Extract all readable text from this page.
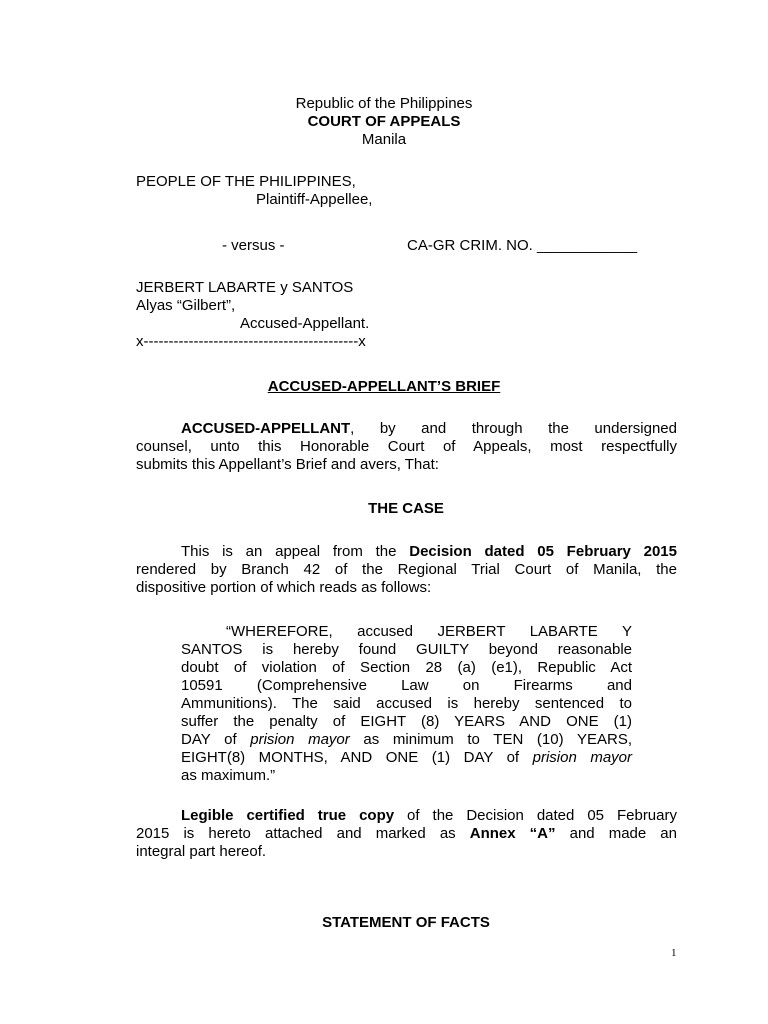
Republic of the Philippines
COURT OF APPEALS
Manila
PEOPLE OF THE PHILIPPINES,
Plaintiff-Appellee,
- versus -	CA-GR CRIM. NO. ____________
JERBERT LABARTE y SANTOS
Alyas “Gilbert”,
Accused-Appellant.
x-------------------------------------------x
ACCUSED-APPELLANT’S BRIEF
ACCUSED-APPELLANT, by and through the undersigned
counsel, unto this Honorable Court of Appeals, most respectfully
submits this Appellant’s Brief and avers, That:
THE CASE
This is an appeal from the Decision dated 05 February 2015
rendered by Branch 42 of the Regional Trial Court of Manila, the
dispositive portion of which reads as follows:
“WHEREFORE, accused JERBERT LABARTE Y
SANTOS is hereby found GUILTY beyond reasonable
doubt of violation of Section 28 (a) (e1), Republic Act
10591 (Comprehensive Law on Firearms and
Ammunitions). The said accused is hereby sentenced to
suffer the penalty of EIGHT (8) YEARS AND ONE (1)
DAY of prision mayor as minimum to TEN (10) YEARS,
EIGHT(8) MONTHS, AND ONE (1) DAY of prision mayor
as maximum.”
Legible certified true copy of the Decision dated 05 February
2015 is hereto attached and marked as Annex “A” and made an
integral part hereof.
STATEMENT OF FACTS
1
